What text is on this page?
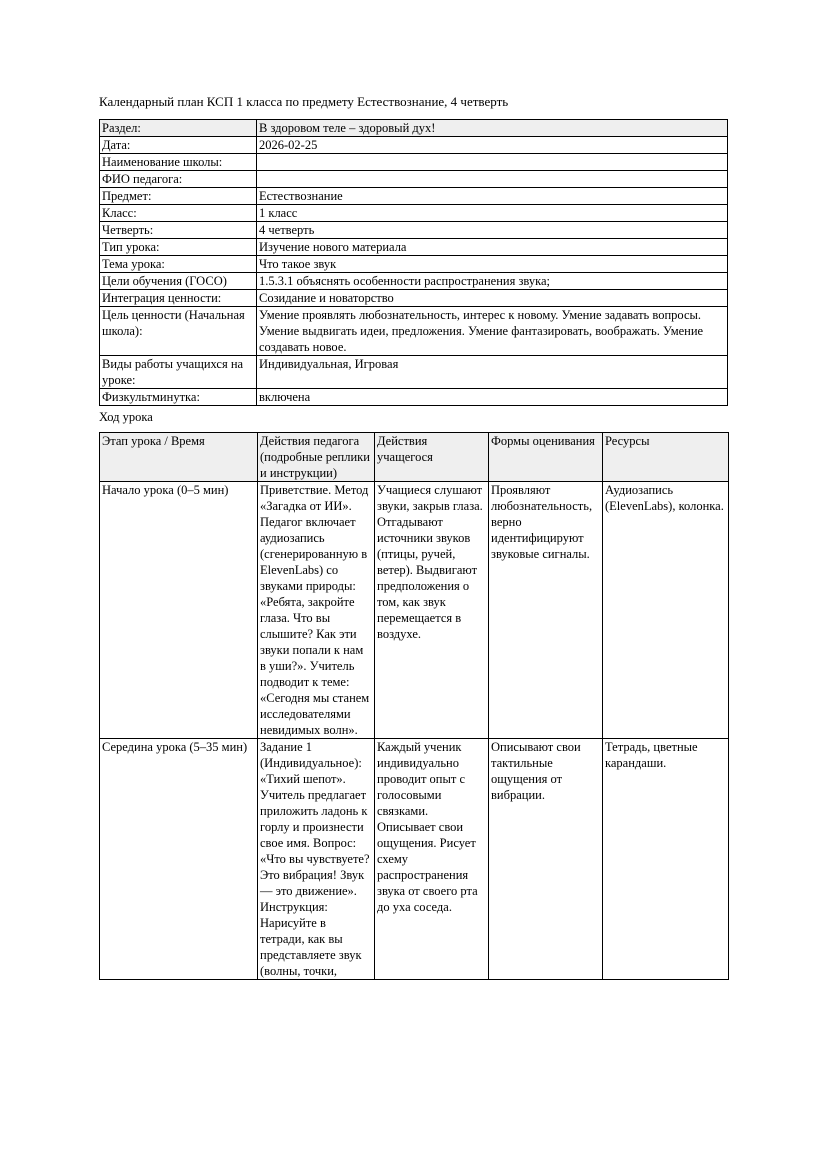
Календарный план КСП 1 класса по предмету Естествознание, 4 четверть

Раздел:	В здоровом теле – здоровый дух!
Дата:	2026-02-25
Наименование школы:	
ФИО педагога:	
Предмет:	Естествознание
Класс:	1 класс
Четверть:	4 четверть
Тип урока:	Изучение нового материала
Тема урока:	Что такое звук
Цели обучения (ГОСО)	1.5.3.1 объяснять особенности распространения звука;
Интеграция ценности:	Созидание и новаторство
Цель ценности (Начальная школа):	Умение проявлять любознательность, интерес к новому. Умение задавать вопросы. Умение выдвигать идеи, предложения. Умение фантазировать, воображать. Умение создавать новое.
Виды работы учащихся на уроке:	Индивидуальная, Игровая
Физкультминутка:	включена

Ход урока

Этап урока / Время	Действия педагога (подробные реплики и инструкции)	Действия учащегося	Формы оценивания	Ресурсы
Начало урока (0–5 мин)	Приветствие. Метод «Загадка от ИИ». Педагог включает аудиозапись (сгенерированную в ElevenLabs) со звуками природы: «Ребята, закройте глаза. Что вы слышите? Как эти звуки попали к нам в уши?». Учитель подводит к теме: «Сегодня мы станем исследователями невидимых волн».	Учащиеся слушают звуки, закрыв глаза. Отгадывают источники звуков (птицы, ручей, ветер). Выдвигают предположения о том, как звук перемещается в воздухе.	Проявляют любознательность, верно идентифицируют звуковые сигналы.	Аудиозапись (ElevenLabs), колонка.
Середина урока (5–35 мин)	Задание 1 (Индивидуальное): «Тихий шепот». Учитель предлагает приложить ладонь к горлу и произнести свое имя. Вопрос: «Что вы чувствуете? Это вибрация! Звук — это движение». Инструкция: Нарисуйте в тетради, как вы представляете звук (волны, точки,	Каждый ученик индивидуально проводит опыт с голосовыми связками. Описывает свои ощущения. Рисует схему распространения звука от своего рта до уха соседа.	Описывают свои тактильные ощущения от вибрации.	Тетрадь, цветные карандаши.
